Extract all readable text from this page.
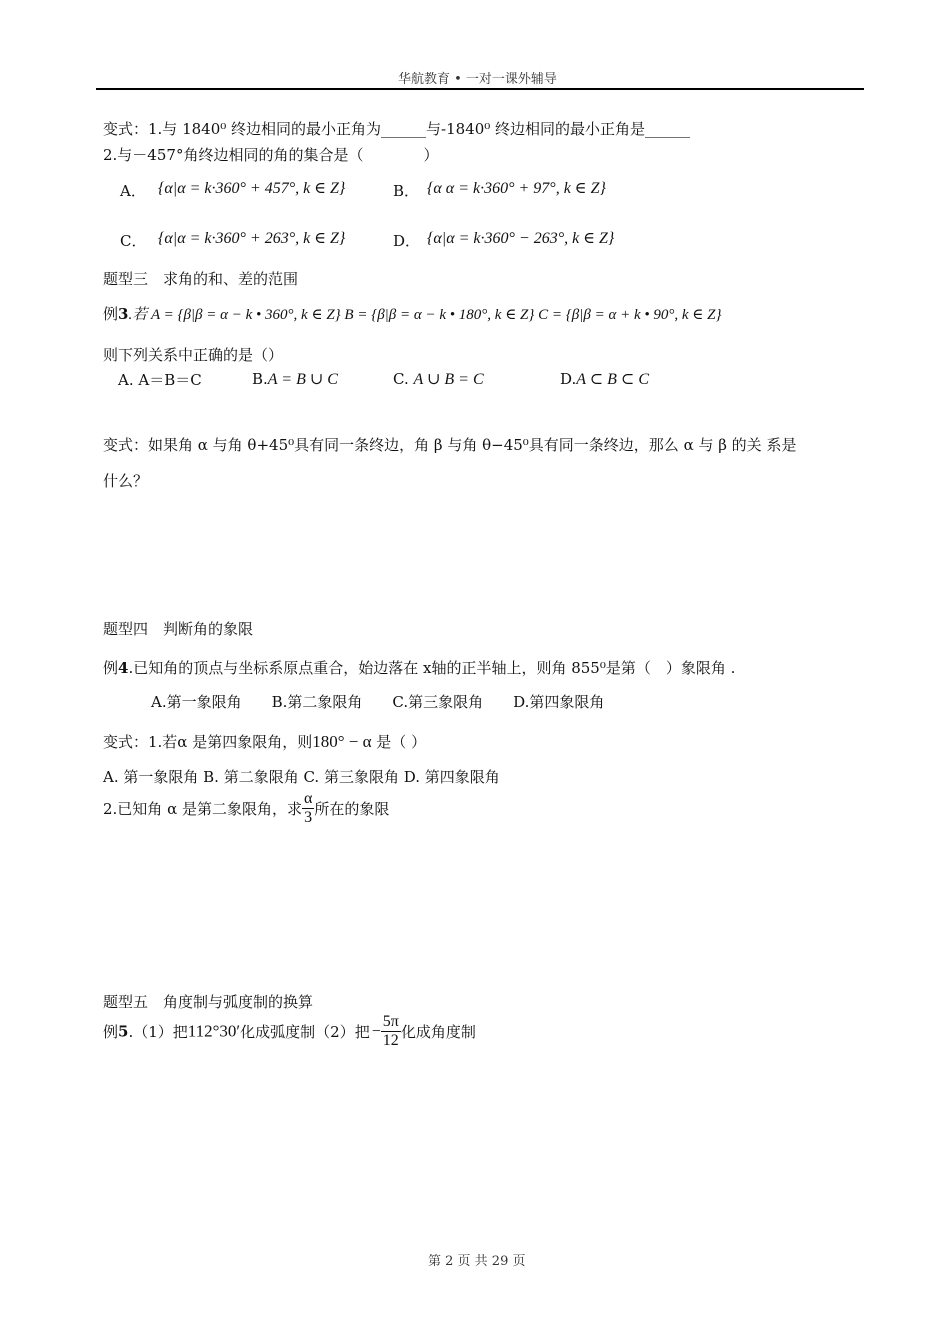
华航教育 • 一对一课外辅导
变式：1.与 1840⁰ 终边相同的最小正角为______与-1840⁰ 终边相同的最小正角是______
2.与－457°角终边相同的角的集合是（　　　　）
A． {α|α = k·360° + 457°, k ∈ Z}	B． {α α = k·360° + 97°, k ∈ Z}
C． {α|α = k·360° + 263°, k ∈ Z}	D． {α|α = k·360° − 263°, k ∈ Z}
题型三　求角的和、差的范围
例3.若 A = {β|β = α − k • 360°, k ∈ Z} B = {β|β = α − k • 180°, k ∈ Z} C = {β|β = α + k • 90°, k ∈ Z}
则下列关系中正确的是（）
A. A＝B＝C	B.A = B ∪ C	C. A ∪ B = C	D.A ⊂ B ⊂ C
变式：如果角 α 与角 θ+45⁰具有同一条终边，角 β 与角 θ−45⁰具有同一条终边，那么 α 与 β 的关 系是
什么？
题型四　判断角的象限
例4.已知角的顶点与坐标系原点重合，始边落在 x轴的正半轴上，则角 855⁰是第（　）象限角 .
A.第一象限角　　B.第二象限角　　C.第三象限角　　D.第四象限角
变式：1.若α 是第四象限角，则180° − α 是（ ）
A. 第一象限角 B. 第二象限角 C. 第三象限角 D. 第四象限角
2.已知角 α 是第二象限角，求 $\frac{\alpha}{3}$ 所在的象限
题型五　角度制与弧度制的换算
例5.（1）把112°30′化成弧度制（2）把 − $\frac{5\pi}{12}$ 化成角度制
第 2 页 共 29 页
